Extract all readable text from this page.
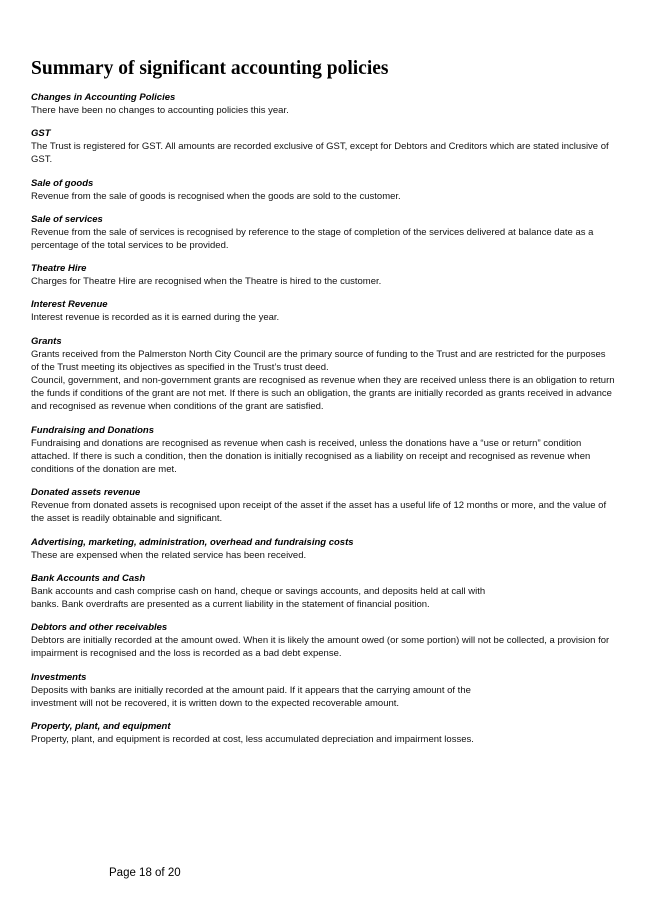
Summary of significant accounting policies

Changes in Accounting Policies

There have been no changes to accounting policies this year.

GST

The Trust is registered for GST. All amounts are recorded exclusive of GST, except for Debtors and Creditors which are stated inclusive of GST.

Sale of goods

Revenue from the sale of goods is recognised when the goods are sold to the customer.

Sale of services

Revenue from the sale of services is recognised by reference to the stage of completion of the services delivered at balance date as a percentage of the total services to be provided.

Theatre Hire

Charges for Theatre Hire are recognised when the Theatre is hired to the customer.

Interest Revenue

Interest revenue is recorded as it is earned during the year.

Grants

Grants received from the Palmerston North City Council are the primary source of funding to the Trust and are restricted for the purposes of the Trust meeting its objectives as specified in the Trust’s trust deed.

Council, government, and non-government grants are recognised as revenue when they are received unless there is an obligation to return the funds if conditions of the grant are not met. If there is such an obligation, the grants are initially recorded as grants received in advance and recognised as revenue when conditions of the grant are satisfied.

Fundraising and Donations

Fundraising and donations are recognised as revenue when cash is received, unless the donations have a “use or return” condition attached. If there is such a condition, then the donation is initially recognised as a liability on receipt and recognised as revenue when conditions of the donation are met.

Donated assets revenue

Revenue from donated assets is recognised upon receipt of the asset if the asset has a useful life of 12 months or more, and the value of the asset is readily obtainable and significant.

Advertising, marketing, administration, overhead and fundraising costs

These are expensed when the related service has been received.

Bank Accounts and Cash

Bank accounts and cash comprise cash on hand, cheque or savings accounts, and deposits held at call with banks. Bank overdrafts are presented as a current liability in the statement of financial position.

Debtors and other receivables

Debtors are initially recorded at the amount owed. When it is likely the amount owed (or some portion) will not be collected, a provision for impairment is recognised and the loss is recorded as a bad debt expense.

Investments

Deposits with banks are initially recorded at the amount paid. If it appears that the carrying amount of the investment will not be recovered, it is written down to the expected recoverable amount.

Property, plant, and equipment

Property, plant, and equipment is recorded at cost, less accumulated depreciation and impairment losses.

Page 18 of 20
